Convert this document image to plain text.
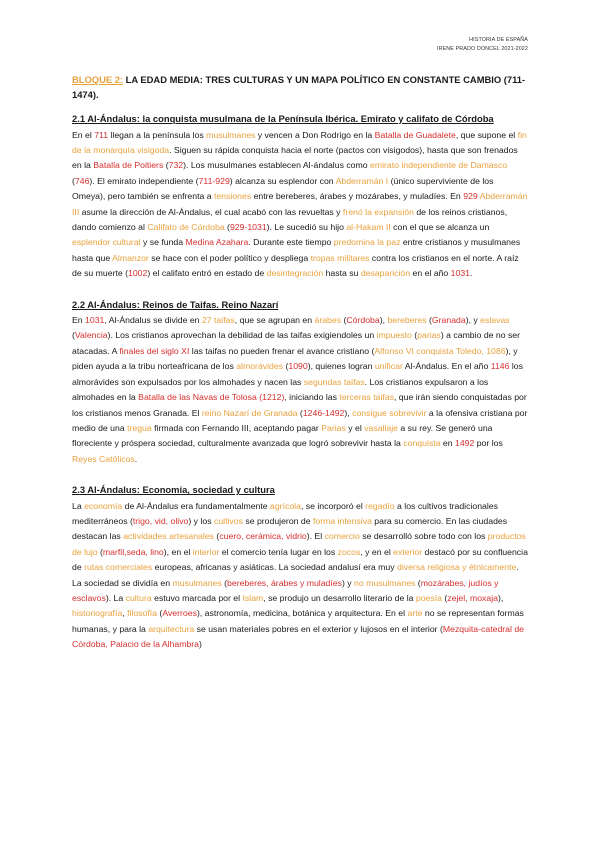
HISTORIA DE ESPAÑA
IRENE PRADO DONCEL 2021-2022
BLOQUE 2: LA EDAD MEDIA: TRES CULTURAS Y UN MAPA POLÍTICO EN CONSTANTE CAMBIO (711-1474).
2.1 Al-Ándalus: la conquista musulmana de la Península Ibérica. Emirato y califato de Córdoba
En el 711 llegan a la península los musulmanes y vencen a Don Rodrigo en la Batalla de Guadalete, que supone el fin de la monarquía visigoda. Siguen su rápida conquista hacia el norte (pactos con visigodos), hasta que son frenados en la Batalla de Poitiers (732). Los musulmanes establecen Al-ándalus como emirato independiente de Damasco (746). El emirato independiente (711-929) alcanza su esplendor con Abderramán I (único superviviente de los Omeya), pero también se enfrenta a tensiones entre bereberes, árabes y mozárabes, y muladíes. En 929 Abderramán III asume la dirección de Al-Ándalus, el cual acabó con las revueltas y frenó la expansión de los reinos cristianos, dando comienzo al Califato de Córdoba (929-1031). Le sucedió su hijo al-Hakam II con el que se alcanza un esplendor cultural y se funda Medina Azahara. Durante este tiempo predomina la paz entre cristianos y musulmanes hasta que Almanzor se hace con el poder político y despliega tropas militares contra los cristianos en el norte. A raíz de su muerte (1002) el califato entró en estado de desintegración hasta su desaparición en el año 1031.
2.2 Al-Ándalus: Reinos de Taifas. Reino Nazarí
En 1031, Al-Ándalus se divide en 27 taifas, que se agrupan en árabes (Córdoba), bereberes (Granada), y eslavas (Valencia). Los cristianos aprovechan la debilidad de las taifas exigiendoles un impuesto (parias) a cambio de no ser atacadas. A finales del siglo XI las taifas no pueden frenar el avance cristiano (Alfonso VI conquista Toledo, 1086), y piden ayuda a la tribu norteafricana de los almorávides (1090), quienes logran unificar Al-Ándalus. En el año 1146 los almorávides son expulsados por los almohades y nacen las segundas taifas. Los cristianos expulsaron a los almohades en la Batalla de las Navas de Tolosa (1212), iniciando las terceras taifas, que irán siendo conquistadas por los cristianos menos Granada. El reino Nazarí de Granada (1246-1492), consigue sobrevivir a la ofensiva cristiana por medio de una tregua firmada con Fernando III, aceptando pagar Parias y el vasallaje a su rey. Se generó una floreciente y próspera sociedad, culturalmente avanzada que logró sobrevivir hasta la conquista en 1492 por los Reyes Católicos.
2.3 Al-Ándalus: Economía, sociedad y cultura
La economía de Al-Ándalus era fundamentalmente agrícola, se incorporó el regadío a los cultivos tradicionales mediterráneos (trigo, vid, olivo) y los cultivos se produjeron de forma intensiva para su comercio. En las ciudades destacan las actividades artesanales (cuero, cerámica, vidrio). El comercio se desarrolló sobre todo con los productos de lujo (marfil,seda, lino), en el interior el comercio tenía lugar en los zocos, y en el exterior destacó por su confluencia de rutas comerciales europeas, africanas y asiáticas. La sociedad andalusí era muy diversa religiosa y étnicamente. La sociedad se dividía en musulmanes (bereberes, árabes y muladíes) y no musulmanes (mozárabes, judíos y esclavos). La cultura estuvo marcada por el Islam, se produjo un desarrollo literario de la poesía (zejel, moxaja), historiografía, filosofía (Averroes), astronomía, medicina, botánica y arquitectura. En el arte no se representan formas humanas, y para la arquitectura se usan materiales pobres en el exterior y lujosos en el interior (Mezquita-catedral de Córdoba, Palacio de la Alhambra)
